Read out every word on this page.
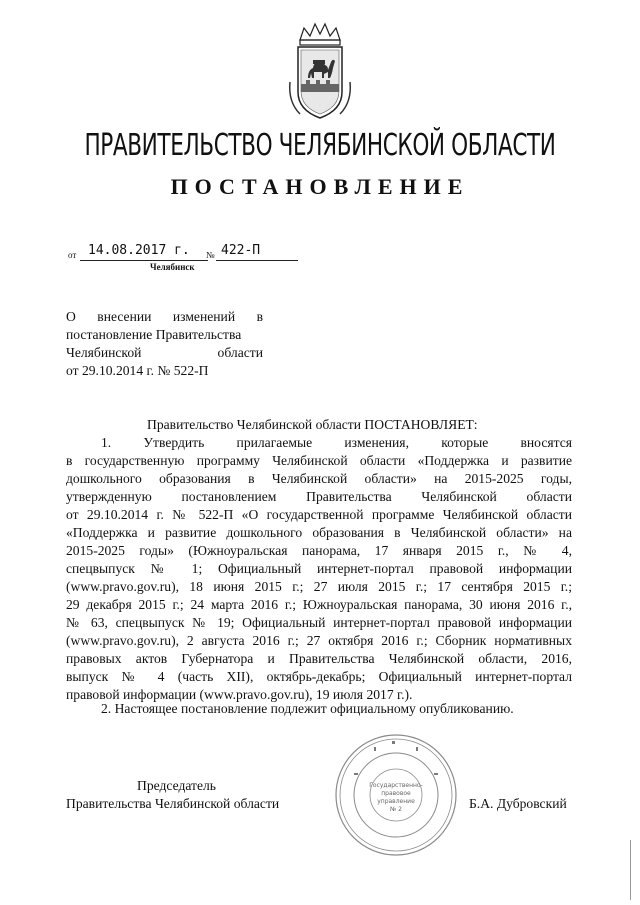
ПРАВИТЕЛЬСТВО ЧЕЛЯБИНСКОЙ ОБЛАСТИ
ПОСТАНОВЛЕНИЕ
от 14.08.2017 г. № 422-П
Челябинск
О внесении изменений в
постановление Правительства
Челябинской области
от 29.10.2014 г. № 522-П
Правительство Челябинской области ПОСТАНОВЛЯЕТ:
1. Утвердить прилагаемые изменения, которые вносятся
в государственную программу Челябинской области «Поддержка и развитие
дошкольного образования в Челябинской области» на 2015-2025 годы,
утвержденную постановлением Правительства Челябинской области
от 29.10.2014 г. № 522-П «О государственной программе Челябинской области
«Поддержка и развитие дошкольного образования в Челябинской области» на
2015-2025 годы» (Южноуральская панорама, 17 января 2015 г., № 4,
спецвыпуск № 1; Официальный интернет-портал правовой информации
(www.pravo.gov.ru), 18 июня 2015 г.; 27 июля 2015 г.; 17 сентября 2015 г.;
29 декабря 2015 г.; 24 марта 2016 г.; Южноуральская панорама, 30 июня 2016 г.,
№ 63, спецвыпуск № 19; Официальный интернет-портал правовой информации
(www.pravo.gov.ru), 2 августа 2016 г.; 27 октября 2016 г.; Сборник нормативных
правовых актов Губернатора и Правительства Челябинской области, 2016,
выпуск № 4 (часть XII), октябрь-декабрь; Официальный интернет-портал
правовой информации (www.pravo.gov.ru), 19 июля 2017 г.).
2. Настоящее постановление подлежит официальному опубликованию.
Председатель
Правительства Челябинской области	Б.А. Дубровский
Государственно-
правовое
управление
№ 2
